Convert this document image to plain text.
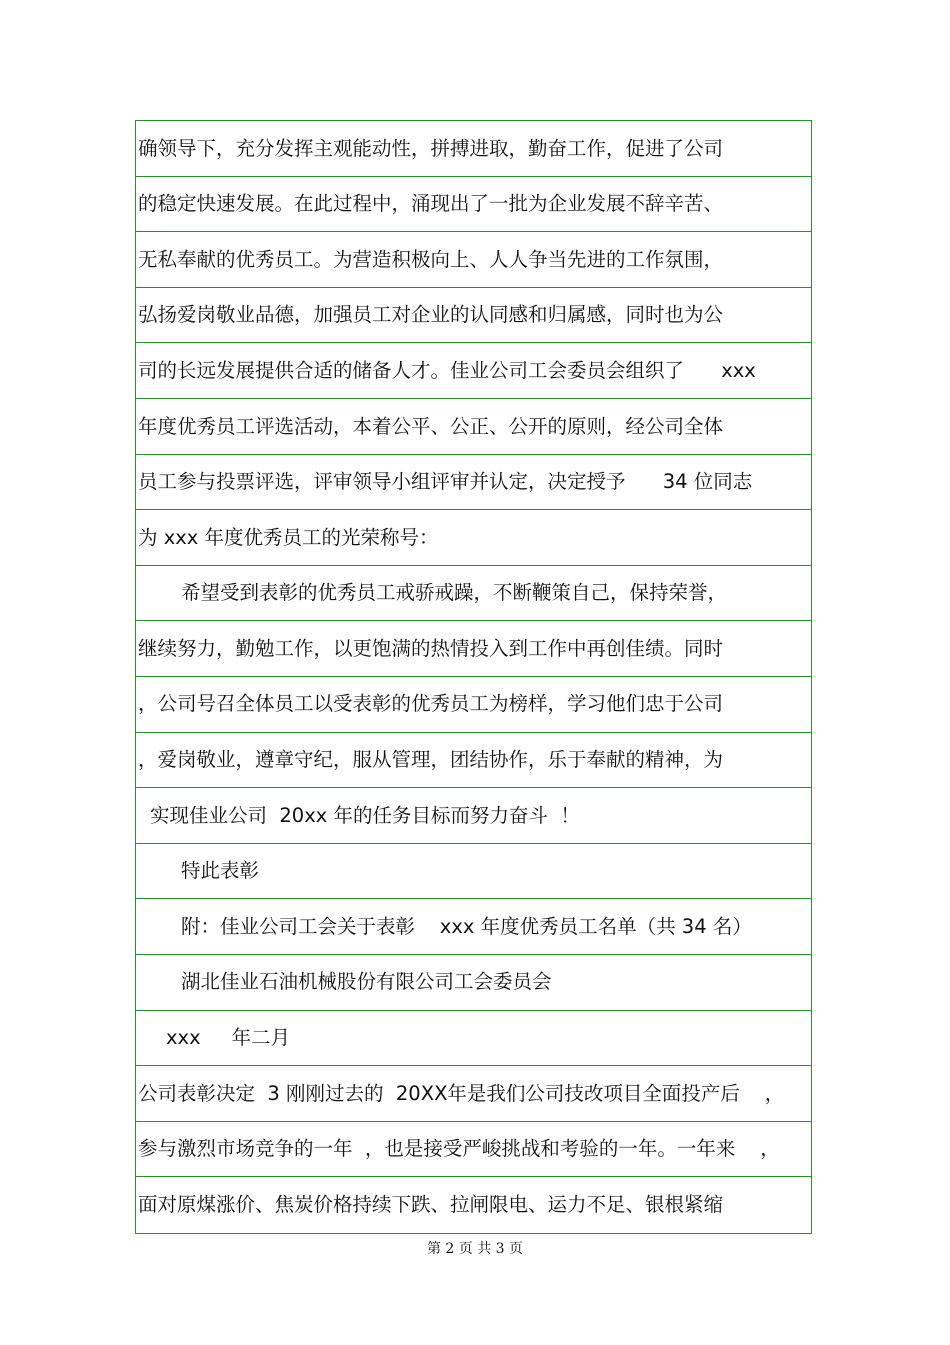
确领导下，充分发挥主观能动性，拼搏进取，勤奋工作，促进了公司
的稳定快速发展。在此过程中，涌现出了一批为企业发展不辞辛苦、
无私奉献的优秀员工。为营造积极向上、人人争当先进的工作氛围，
弘扬爱岗敬业品德，加强员工对企业的认同感和归属感，同时也为公
司的长远发展提供合适的储备人才。佳业公司工会委员会组织了      xxx
年度优秀员工评选活动，本着公平、公正、公开的原则，经公司全体
员工参与投票评选，评审领导小组评审并认定，决定授予      34 位同志
为 xxx 年度优秀员工的光荣称号：
希望受到表彰的优秀员工戒骄戒躁，不断鞭策自己，保持荣誉，
继续努力，勤勉工作，以更饱满的热情投入到工作中再创佳绩。同时
，公司号召全体员工以受表彰的优秀员工为榜样，学习他们忠于公司
，爱岗敬业，遵章守纪，服从管理，团结协作，乐于奉献的精神，为
实现佳业公司  20xx 年的任务目标而努力奋斗  ！
特此表彰
附：佳业公司工会关于表彰    xxx 年度优秀员工名单（共 34 名）
湖北佳业石油机械股份有限公司工会委员会
xxx     年二月
公司表彰决定  3 刚刚过去的  20XX年是我们公司技改项目全面投产后    ，
参与激烈市场竞争的一年  ，也是接受严峻挑战和考验的一年。一年来    ，
面对原煤涨价、焦炭价格持续下跌、拉闸限电、运力不足、银根紧缩
第 2 页 共 3 页
